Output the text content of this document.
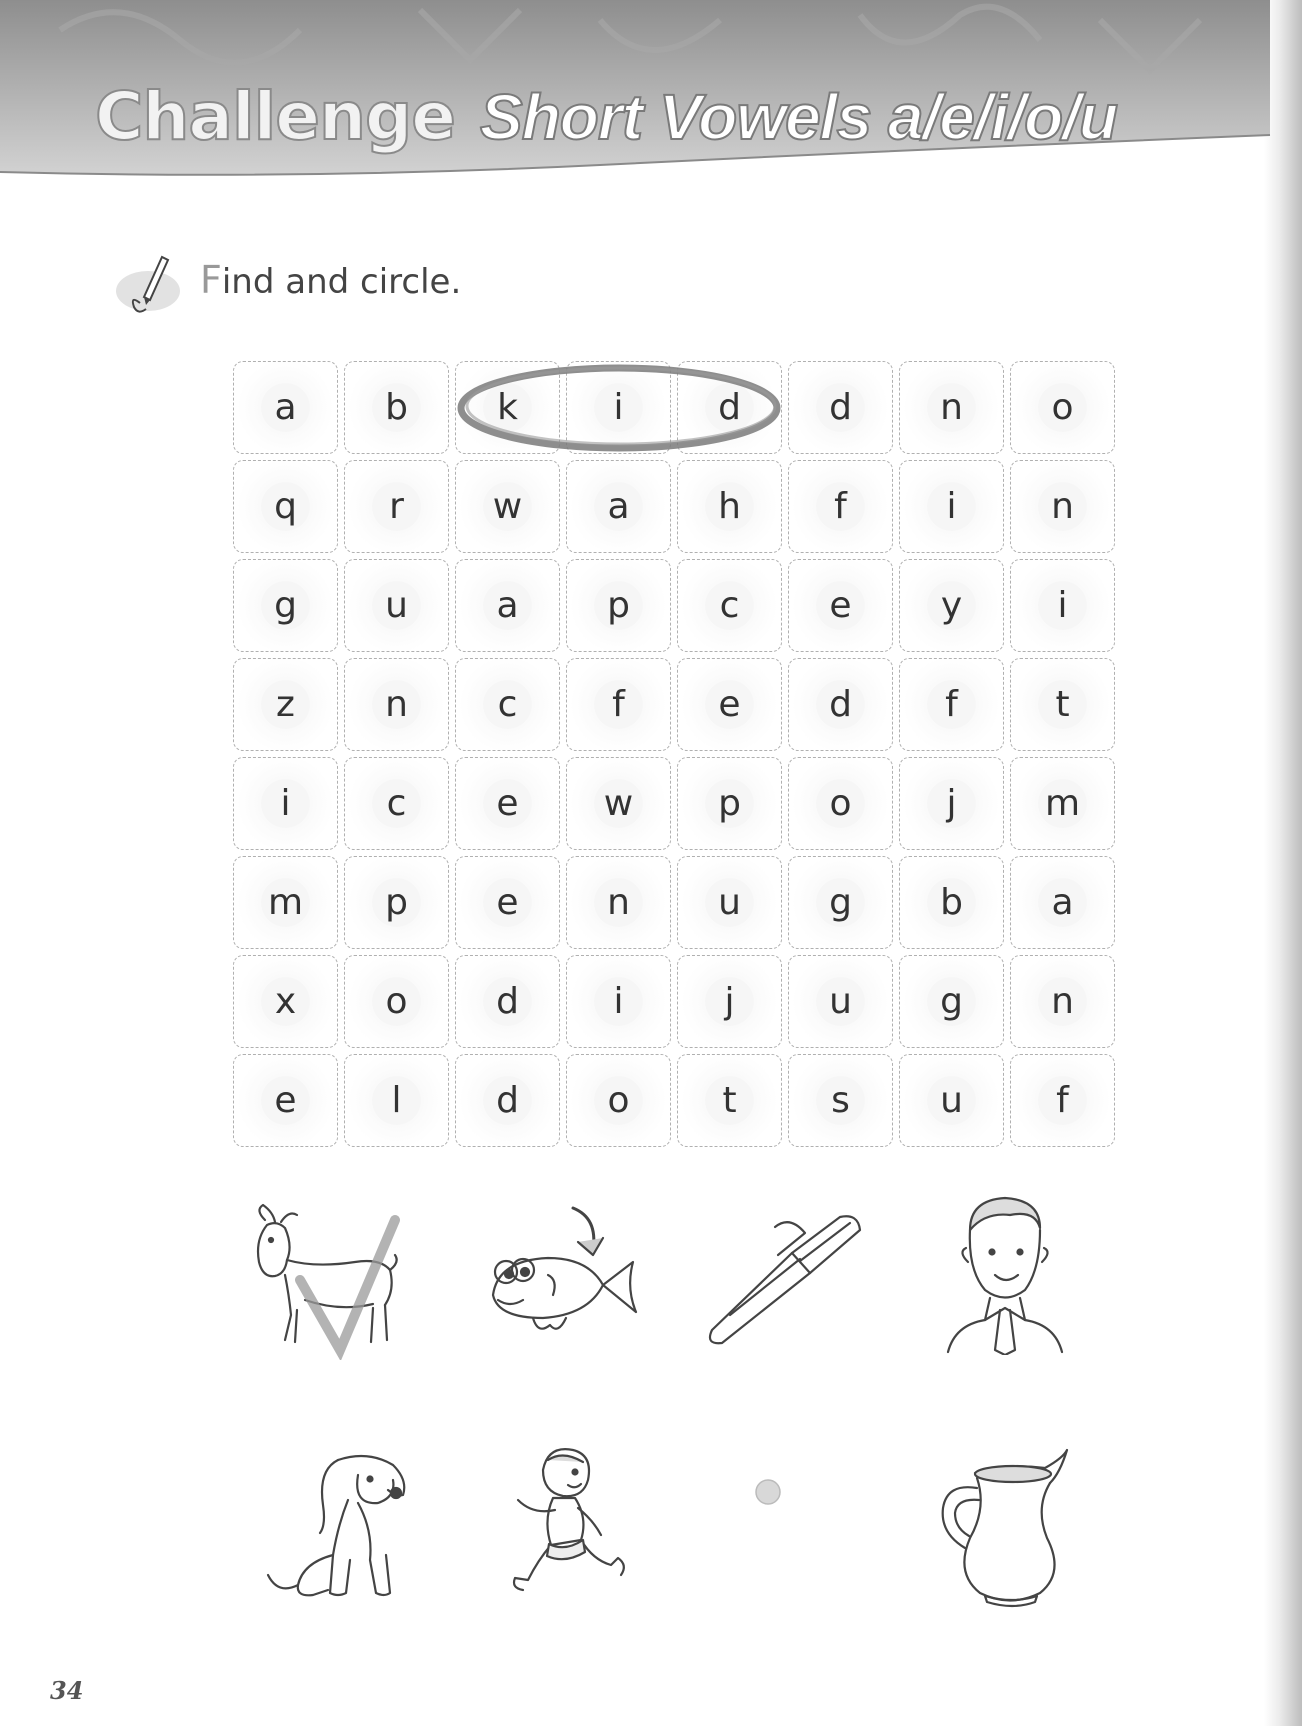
Challenge Short Vowels a/e/i/o/u
Find and circle.
a b k	i	d d n o
q	r w a h	f	i	n
g u a p c	e y	i
z	n c	f	e d	f	t
i	c	e w p o	j m
m p e n u g b a
x o d	i	j	u g n
e	l	d o	t	s	u	f
34
